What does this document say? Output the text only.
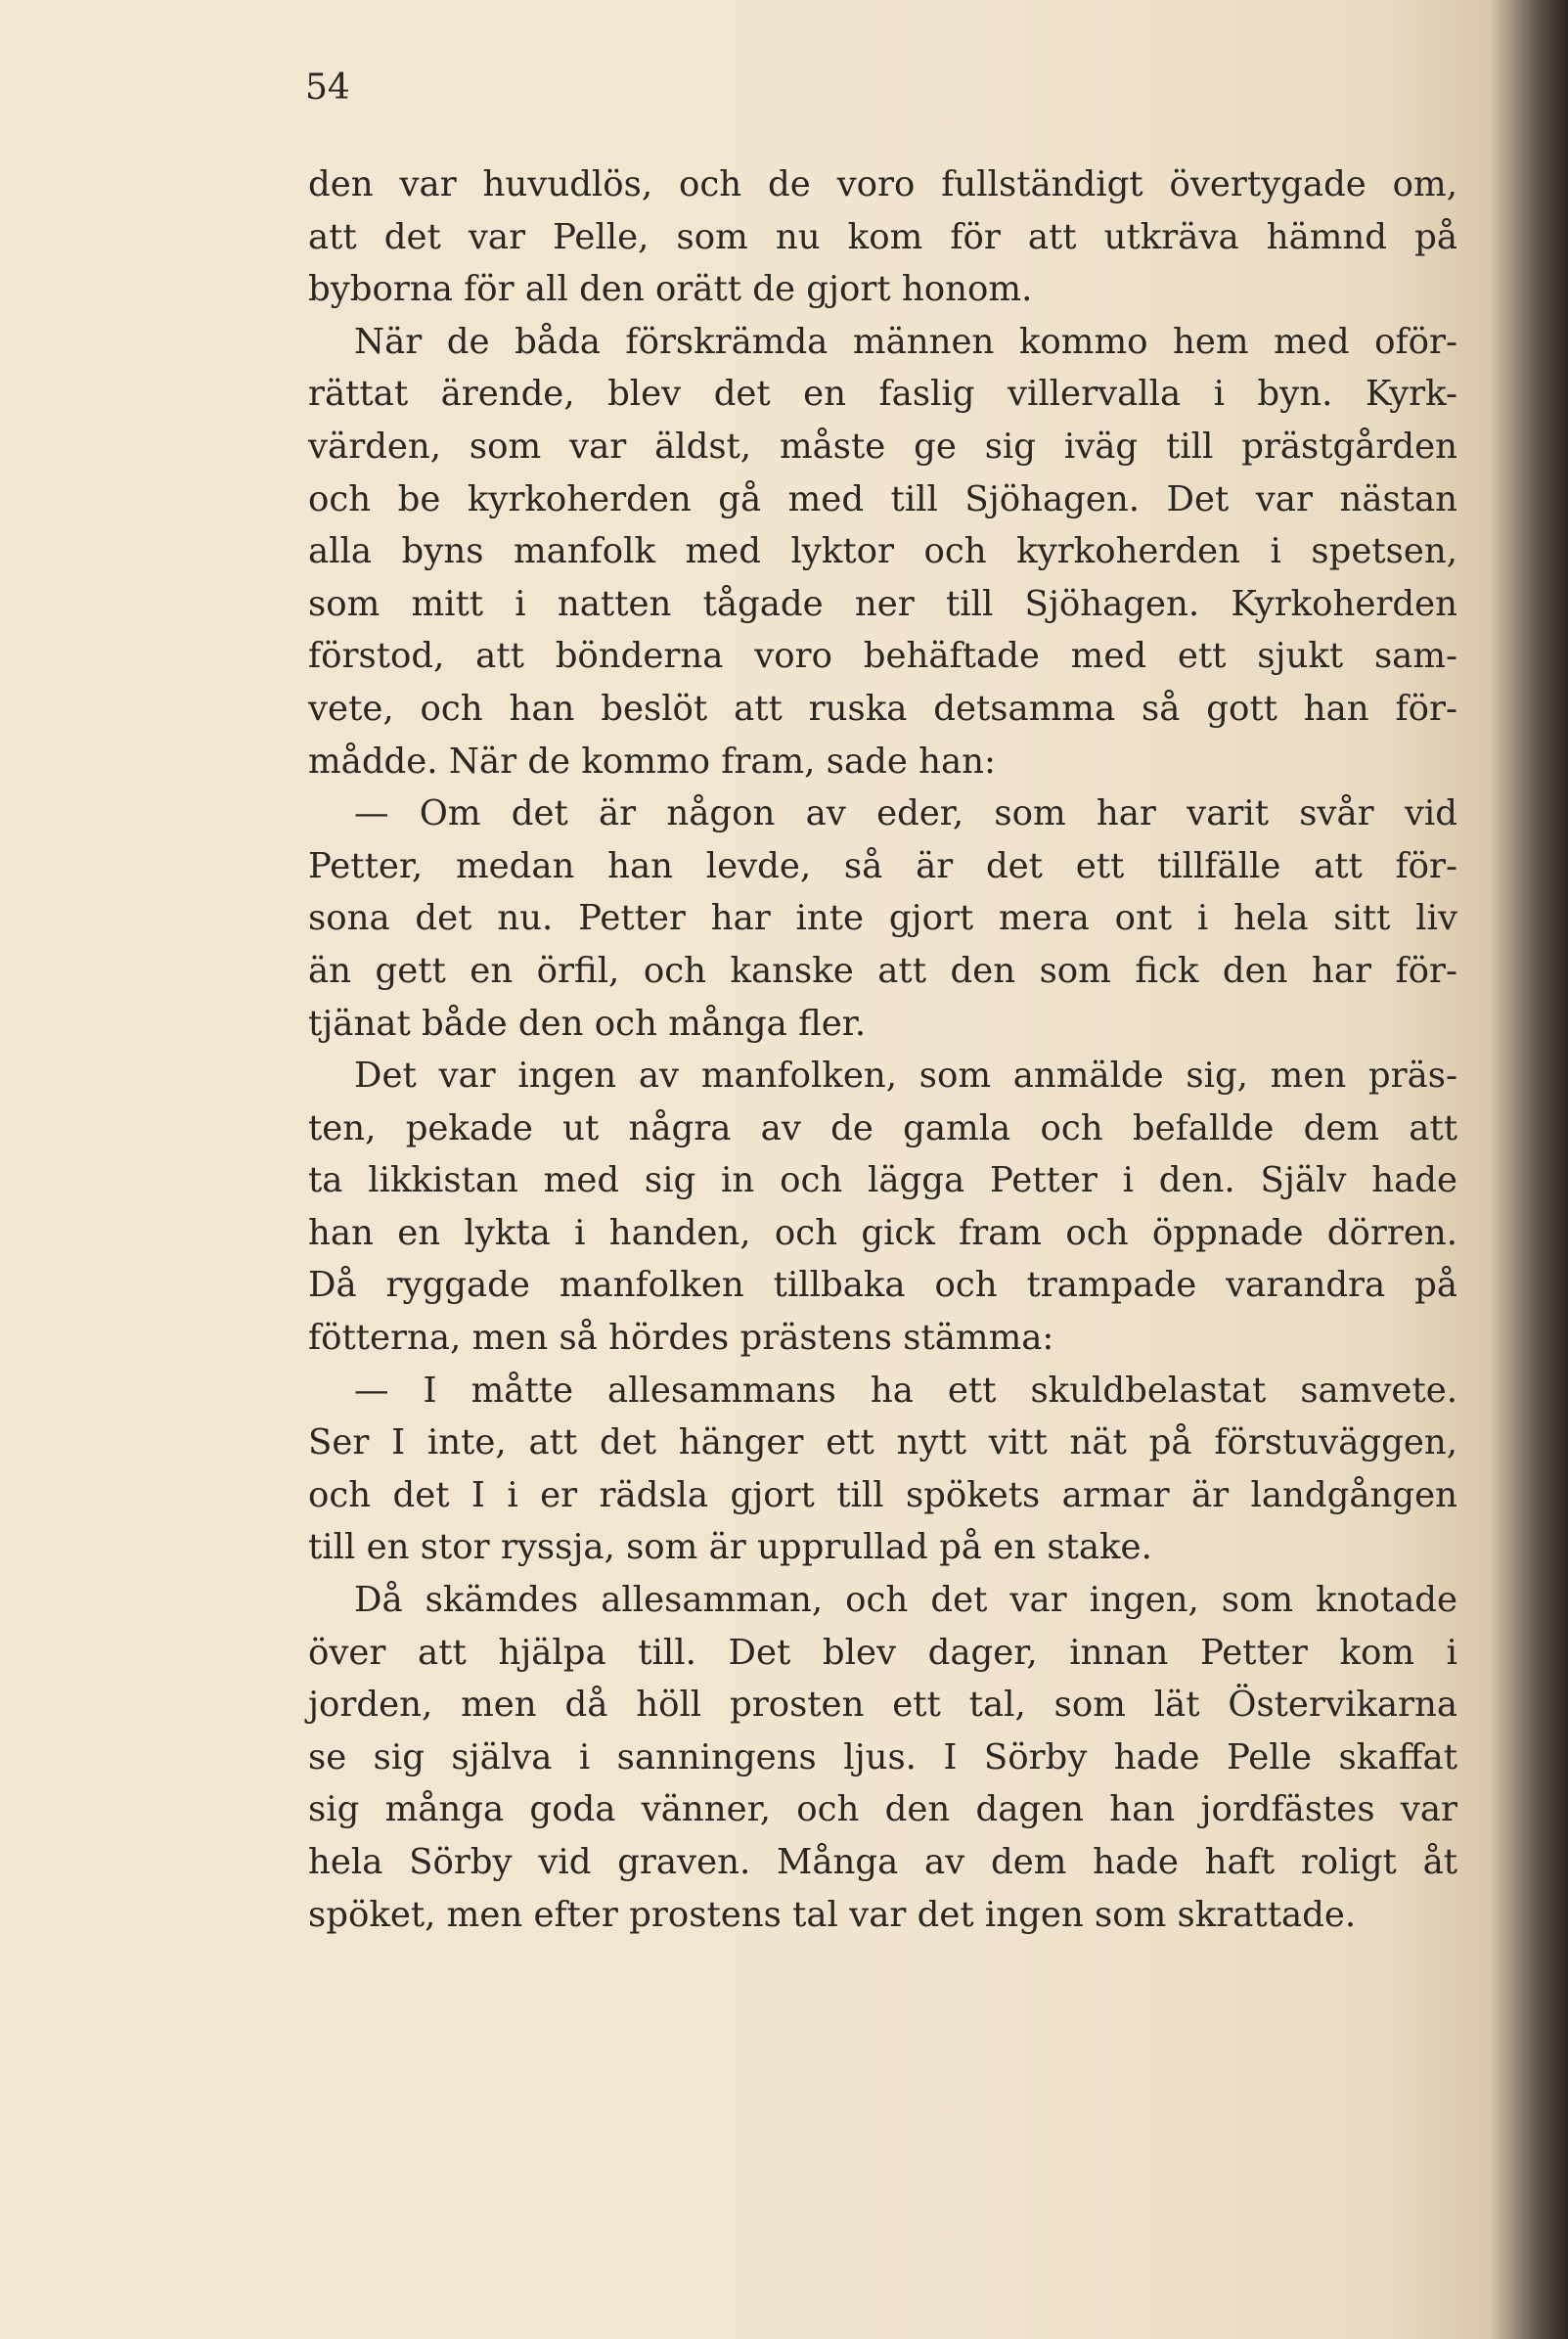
54
den var huvudlös, och de voro fullständigt övertygade om,
att det var Pelle, som nu kom för att utkräva hämnd på
byborna för all den orätt de gjort honom.
När de båda förskrämda männen kommo hem med oför-
rättat ärende, blev det en faslig villervalla i byn. Kyrk-
värden, som var äldst, måste ge sig iväg till prästgården
och be kyrkoherden gå med till Sjöhagen. Det var nästan
alla byns manfolk med lyktor och kyrkoherden i spetsen,
som mitt i natten tågade ner till Sjöhagen. Kyrkoherden
förstod, att bönderna voro behäftade med ett sjukt sam-
vete, och han beslöt att ruska detsamma så gott han för-
mådde. När de kommo fram, sade han:
— Om det är någon av eder, som har varit svår vid
Petter, medan han levde, så är det ett tillfälle att för-
sona det nu. Petter har inte gjort mera ont i hela sitt liv
än gett en örfil, och kanske att den som fick den har för-
tjänat både den och många fler.
Det var ingen av manfolken, som anmälde sig, men präs-
ten, pekade ut några av de gamla och befallde dem att
ta likkistan med sig in och lägga Petter i den. Själv hade
han en lykta i handen, och gick fram och öppnade dörren.
Då ryggade manfolken tillbaka och trampade varandra på
fötterna, men så hördes prästens stämma:
— I måtte allesammans ha ett skuldbelastat samvete.
Ser I inte, att det hänger ett nytt vitt nät på förstuväggen,
och det I i er rädsla gjort till spökets armar är landgången
till en stor ryssja, som är upprullad på en stake.
Då skämdes allesamman, och det var ingen, som knotade
över att hjälpa till. Det blev dager, innan Petter kom i
jorden, men då höll prosten ett tal, som lät Östervikarna
se sig själva i sanningens ljus. I Sörby hade Pelle skaffat
sig många goda vänner, och den dagen han jordfästes var
hela Sörby vid graven. Många av dem hade haft roligt åt
spöket, men efter prostens tal var det ingen som skrattade.
